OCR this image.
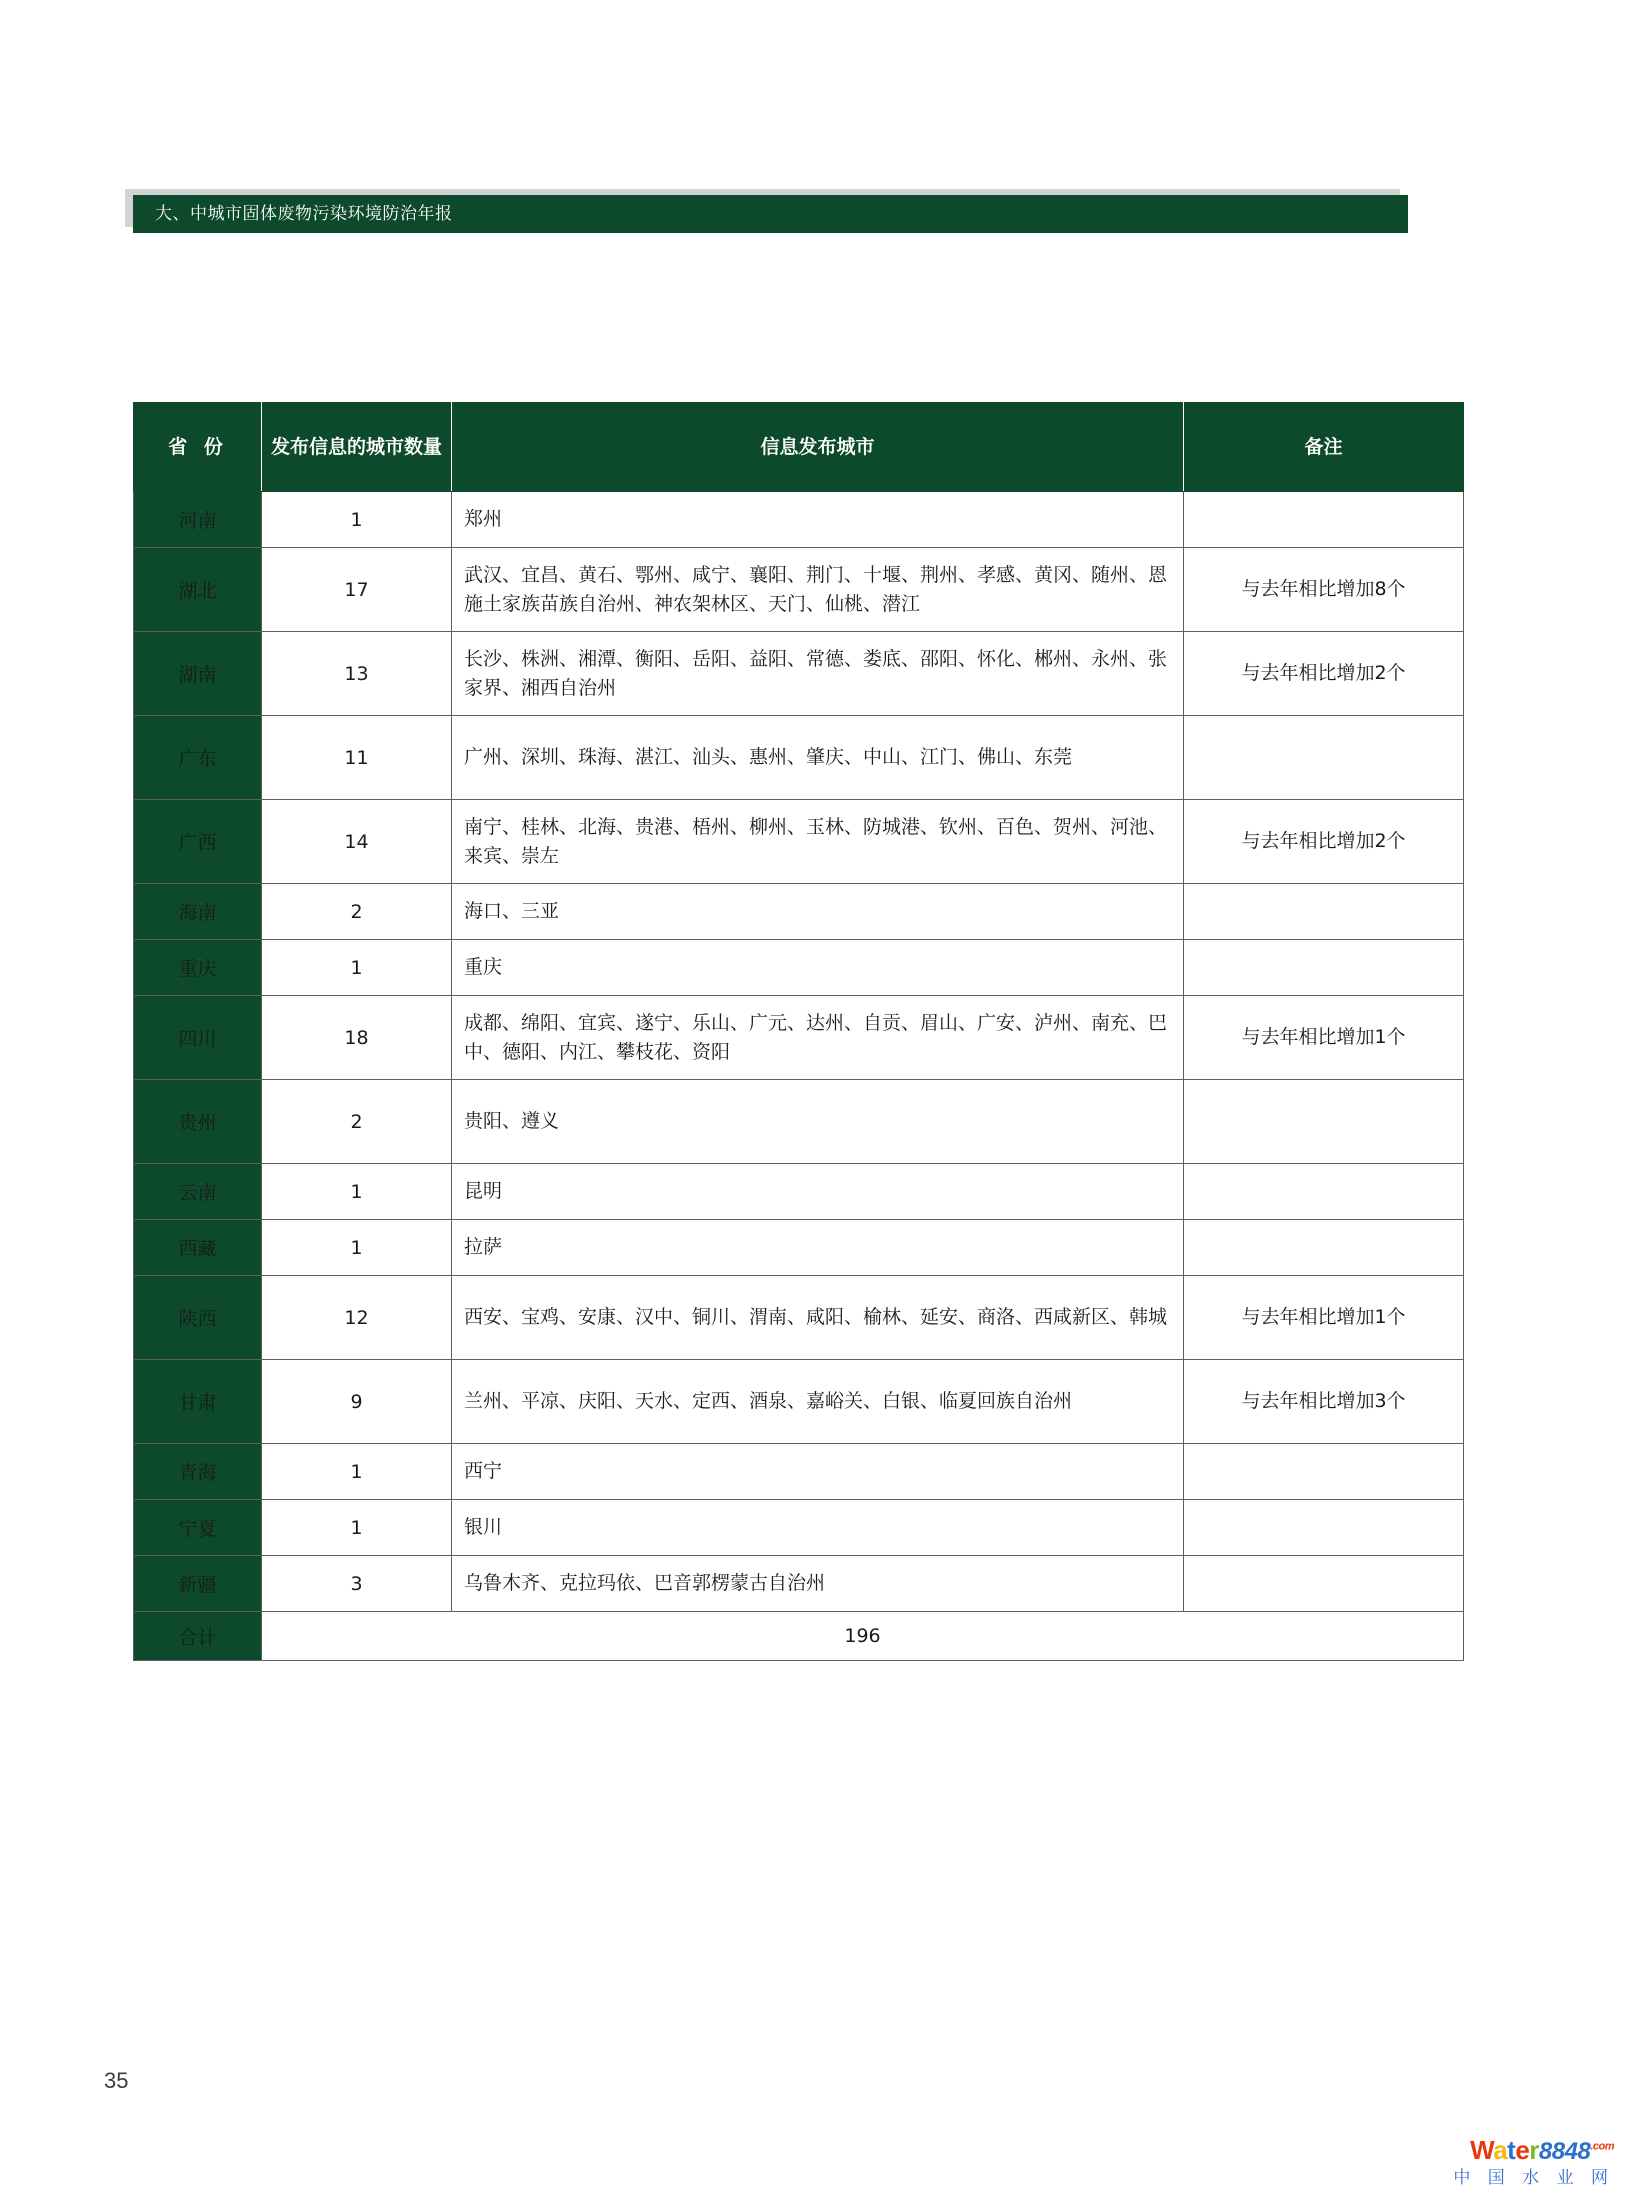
大、中城市固体废物污染环境防治年报
省 份	发布信息的城市数量	信息发布城市	备注
河南	1	郑州	
湖北	17	武汉、宜昌、黄石、鄂州、咸宁、襄阳、荆门、十堰、荆州、孝感、黄冈、随州、恩施土家族苗族自治州、神农架林区、天门、仙桃、潜江	与去年相比增加8个
湖南	13	长沙、株洲、湘潭、衡阳、岳阳、益阳、常德、娄底、邵阳、怀化、郴州、永州、张家界、湘西自治州	与去年相比增加2个
广东	11	广州、深圳、珠海、湛江、汕头、惠州、肇庆、中山、江门、佛山、东莞	
广西	14	南宁、桂林、北海、贵港、梧州、柳州、玉林、防城港、钦州、百色、贺州、河池、来宾、崇左	与去年相比增加2个
海南	2	海口、三亚	
重庆	1	重庆	
四川	18	成都、绵阳、宜宾、遂宁、乐山、广元、达州、自贡、眉山、广安、泸州、南充、巴中、德阳、内江、攀枝花、资阳	与去年相比增加1个
贵州	2	贵阳、遵义	
云南	1	昆明	
西藏	1	拉萨	
陕西	12	西安、宝鸡、安康、汉中、铜川、渭南、咸阳、榆林、延安、商洛、西咸新区、韩城	与去年相比增加1个
甘肃	9	兰州、平凉、庆阳、天水、定西、酒泉、嘉峪关、白银、临夏回族自治州	与去年相比增加3个
青海	1	西宁	
宁夏	1	银川	
新疆	3	乌鲁木齐、克拉玛依、巴音郭楞蒙古自治州	
合计	196		
35
$Water8848^{.com}$
中 国 水 业 网
